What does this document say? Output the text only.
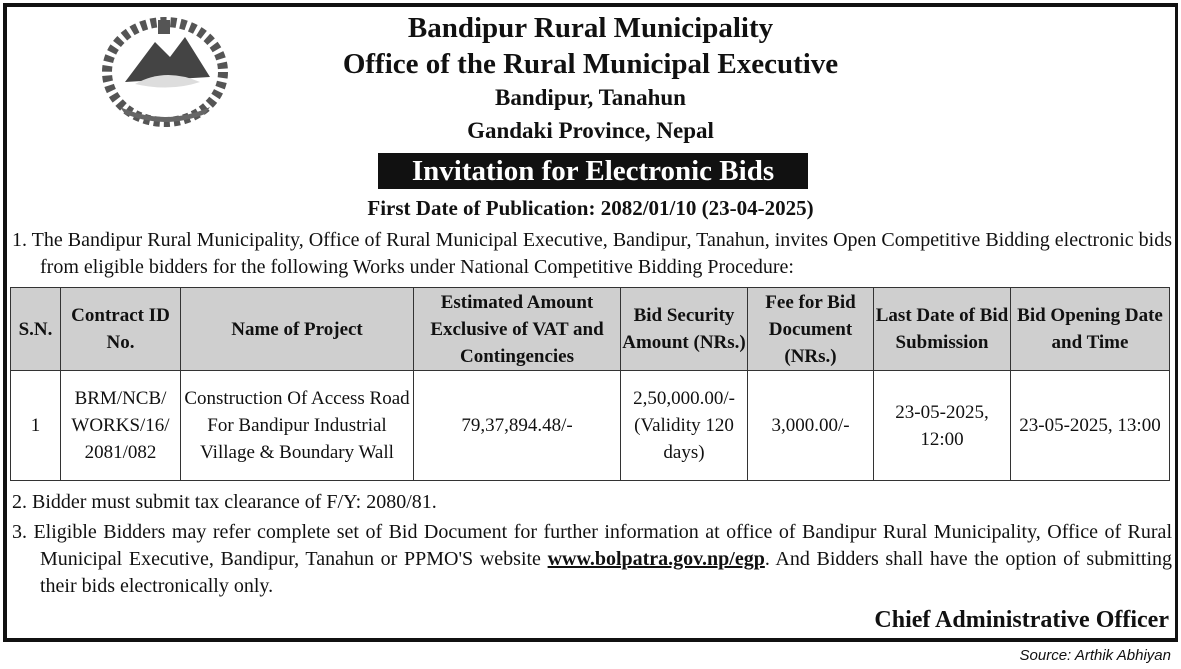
Bandipur Rural Municipality
Office of the Rural Municipal Executive
Bandipur, Tanahun
Gandaki Province, Nepal
Invitation for Electronic Bids
First Date of Publication: 2082/01/10 (23-04-2025)
1. The Bandipur Rural Municipality, Office of Rural Municipal Executive, Bandipur, Tanahun, invites Open Competitive Bidding electronic bids from eligible bidders for the following Works under National Competitive Bidding Procedure:
S.N.	Contract ID No.	Name of Project	Estimated Amount Exclusive of VAT and Contingencies	Bid Security Amount (NRs.)	Fee for Bid Document (NRs.)	Last Date of Bid Submission	Bid Opening Date and Time
1	BRM/NCB/ WORKS/16/ 2081/082	Construction Of Access Road For Bandipur Industrial Village & Boundary Wall	79,37,894.48/-	2,50,000.00/- (Validity 120 days)	3,000.00/-	23-05-2025, 12:00	23-05-2025, 13:00
2. Bidder must submit tax clearance of F/Y: 2080/81.
3. Eligible Bidders may refer complete set of Bid Document for further information at office of Bandipur Rural Municipality, Office of Rural Municipal Executive, Bandipur, Tanahun or PPMO'S website www.bolpatra.gov.np/egp. And Bidders shall have the option of submitting their bids electronically only.
Chief Administrative Officer
Source: Arthik Abhiyan
